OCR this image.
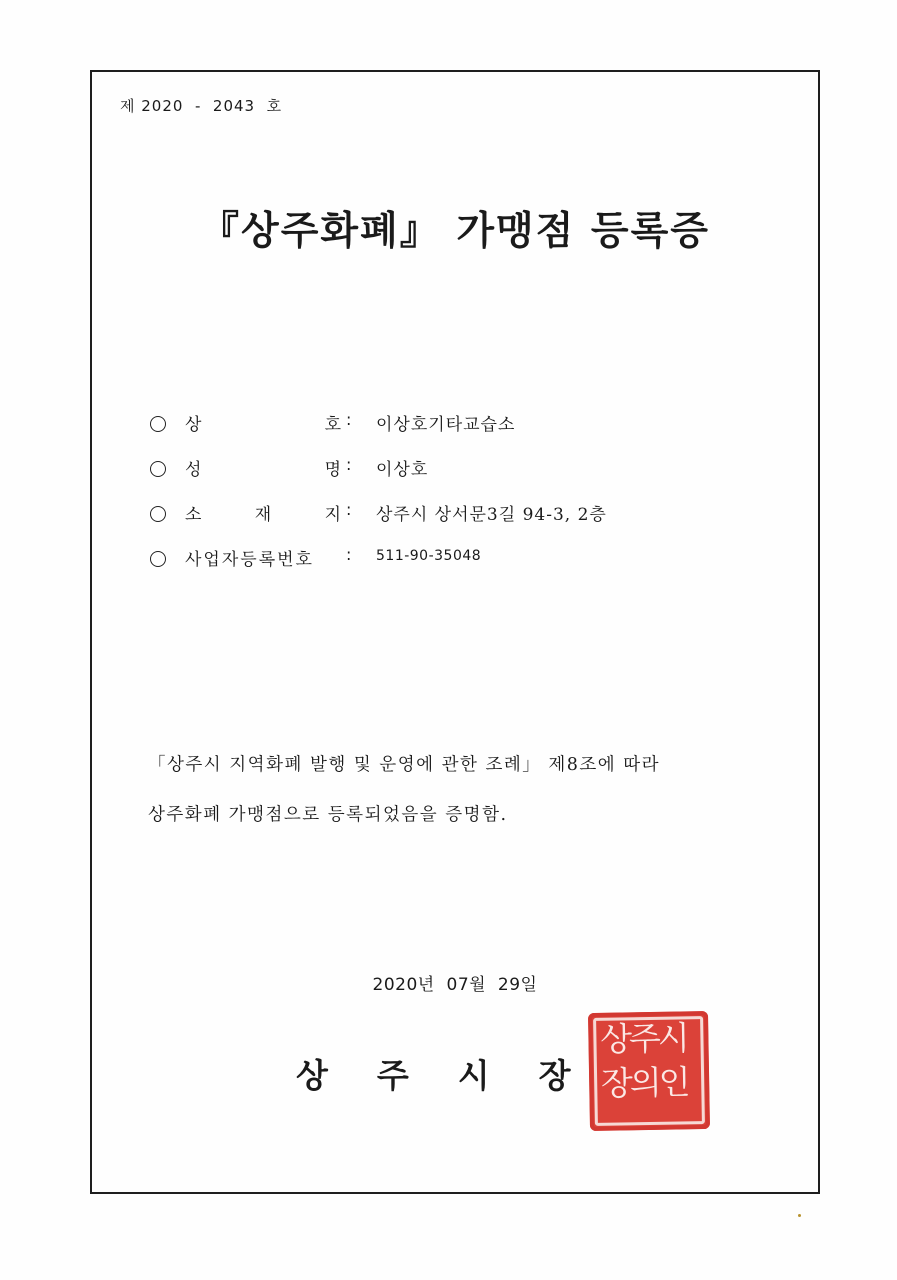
제 2020  -  2043  호
『상주화폐』 가맹점 등록증
상	호 : 이상호기타교습소
성	명 : 이상호
소	재	지 : 상주시 상서문3길 94-3, 2층
사업자등록번호 : 511-90-35048
「상주시 지역화폐 발행 및 운영에 관한 조례」 제8조에 따라
상주화폐 가맹점으로 등록되었음을 증명함.
2020년  07월  29일
상 주 시 장
상주시
장의인
